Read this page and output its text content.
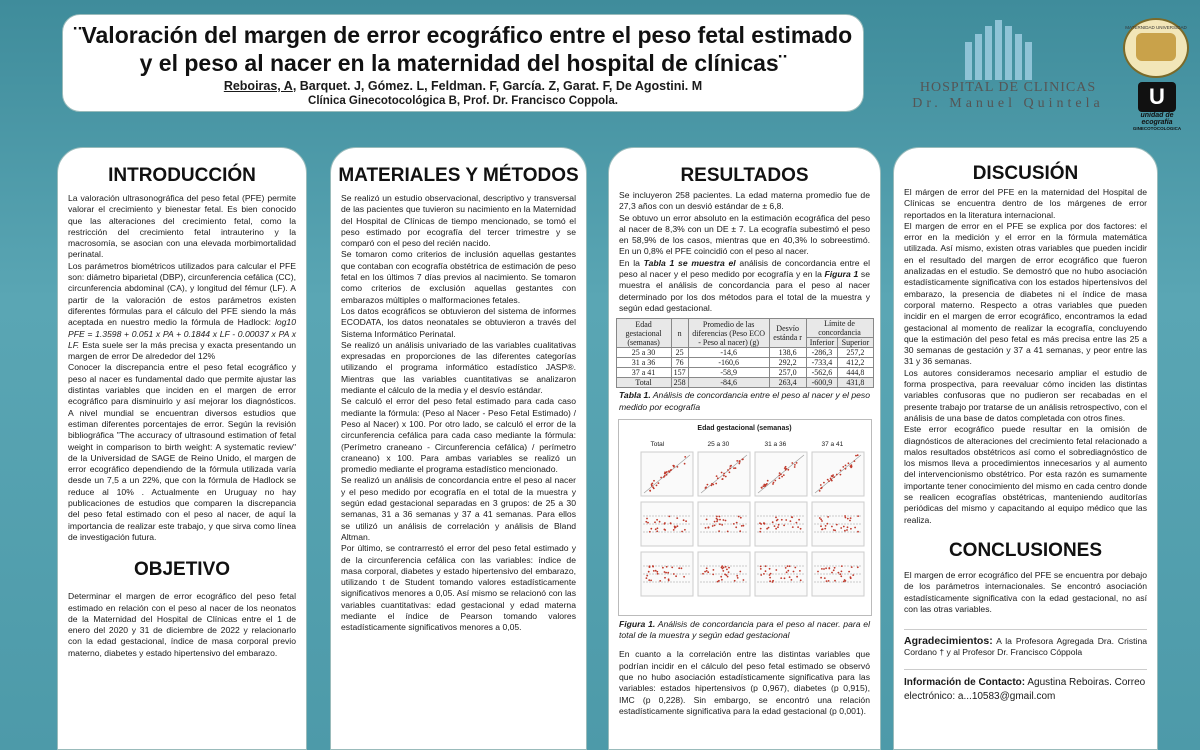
¨Valoración del margen de error ecográfico entre el peso fetal estimado y el peso al nacer en la maternidad del hospital de clínicas¨
Reboiras, A, Barquet. J, Gómez. L, Feldman. F, García. Z, Garat. F, De Agostini. M
Clínica Ginecotocológica B, Prof. Dr. Francisco Coppola.
HOSPITAL DE CLINICAS
Dr. Manuel Quintela
MATERNIDAD UNIVERSIDAD
U
unidad de ecografía
GINECOTOCOLOGICA
INTRODUCCIÓN

La valoración ultrasonográfica del peso fetal (PFE) permite valorar el crecimiento y bienestar fetal. Es bien conocido que las alteraciones del crecimiento fetal, como la restricción del crecimiento fetal intrauterino y la macrosomía, se asocian con una elevada morbimortalidad perinatal.

Los parámetros biométricos utilizados para calcular el PFE son: diámetro biparietal (DBP), circunferencia cefálica (CC), circunferencia abdominal (CA), y longitud del fémur (LF). A partir de la valoración de estos parámetros existen diferentes fórmulas para el cálculo del PFE siendo la más aceptada en nuestro medio la fórmula de Hadlock: log10 PFE = 1.3598 + 0.051 x PA + 0.1844 x LF - 0.00037 x PA x LF. Esta suele ser la más precisa y exacta presentando un margen de error De alrededor del 12%

Conocer la discrepancia entre el peso fetal ecográfico y peso al nacer es fundamental dado que permite ajustar las distintas variables que inciden en el margen de error ecográfico para disminuirlo y así mejorar los diagnósticos. A nivel mundial se encuentran diversos estudios que estiman diferentes porcentajes de error. Según la revisión bibliográfica "The accuracy of ultrasound estimation of fetal weight in comparison to birth weight: A systematic review" de la Universidad de SAGE de Reino Unido, el margen de error ecográfico dependiendo de la fórmula utilizada varía desde un 7,5 a un 22%, que con la fórmula de Hadlock se reduce al 10% . Actualmente en Uruguay no hay publicaciones de estudios que comparen la discrepancia del peso fetal estimado con el peso al nacer, de aquí la importancia de realizar este trabajo, y que sirva como línea de investigación futura.

OBJETIVO

Determinar el margen de error ecográfico del peso fetal estimado en relación con el peso al nacer de los neonatos de la Maternidad del Hospital de Clínicas entre el 1 de enero del 2020 y 31 de diciembre de 2022 y relacionarlo con la edad gestacional, índice de masa corporal previo materno, diabetes y estado hipertensivo del embarazo.

MATERIALES Y MÉTODOS

Se realizó un estudio observacional, descriptivo y transversal de las pacientes que tuvieron su nacimiento en la Maternidad del Hospital de Clínicas de tiempo mencionado, se tomó el peso estimado por ecografía del tercer trimestre y se comparó con el peso del recién nacido.

Se tomaron como criterios de inclusión aquellas gestantes que contaban con ecografía obstétrica de estimación de peso fetal en los últimos 7 días previos al nacimiento. Se tomaron como criterios de exclusión aquellas gestantes con embarazos múltiples o malformaciones fetales.

Los datos ecográficos se obtuvieron del sistema de informes ECODATA, los datos neonatales se obtuvieron a través del Sistema Informático Perinatal.

Se realizó un análisis univariado de las variables cualitativas expresadas en proporciones de las diferentes categorías utilizando el programa informático estadístico JASP®. Mientras que las variables cuantitativas se analizaron mediante el cálculo de la media y el desvío estándar.

Se calculó el error del peso fetal estimado para cada caso mediante la fórmula: (Peso al Nacer - Peso Fetal Estimado) / Peso al Nacer) x 100. Por otro lado, se calculó el error de la circunferencia cefálica para cada caso mediante la fórmula: (Perímetro craneano - Circunferencia cefálica) / perímetro craneano) x 100. Para ambas variables se realizó un promedio mediante el programa estadístico mencionado.

Se realizó un análisis de concordancia entre el peso al nacer y el peso medido por ecografía en el total de la muestra y según edad gestacional separadas en 3 grupos: de 25 a 30 semanas, 31 a 36 semanas y 37 a 41 semanas. Para ellos se utilizó un análisis de correlación y análisis de Bland Altman.

Por último, se contrarrestó el error del peso fetal estimado y de la circunferencia cefálica con las variables: índice de masa corporal, diabetes y estado hipertensivo del embarazo, utilizando t de Student tomando valores estadísticamente significativos menores a 0,05. Así mismo se relacionó con las variables cuantitativas: edad gestacional y edad materna mediante el índice de Pearson tomando valores estadísticamente significativos menores a 0,05.

RESULTADOS

Se incluyeron 258 pacientes. La edad materna promedio fue de 27,3 años con un desvió estándar de ± 6,8.

Se obtuvo un error absoluto en la estimación ecográfica del peso al nacer de 8,3% con un DE ± 7. La ecografía subestimó el peso en 58,9% de los casos, mientras que en 40,3% lo sobreestimó. En un 0,8% el PFE coincidió con el peso al nacer.

En la Tabla 1 se muestra el análisis de concordancia entre el peso al nacer y el peso medido por ecografía y en la Figura 1 se muestra el análisis de concordancia para el peso al nacer determinado por los dos métodos para el total de la muestra y según edad gestacional.

Edad gestacional (semanas)	n	Promedio de las diferencias (Peso ECO - Peso al nacer) (g)	Desvío estánda r	Límite de concordancia	
				Inferior	Superior
25 a 30	25	-14,6	138,6	-286,3	257,2
31 a 36	76	-160,6	292,2	-733,4	412,2
37 a 41	157	-58,9	257,0	-562,6	444,8
Total	258	-84,6	263,4	-600,9	431,8

Tabla 1. Análisis de concordancia entre el peso al nacer y el peso medido por ecografía

Edad gestacional (semanas)
Total	25 a 30	31 a 36	37 a 41

Figura 1. Análisis de concordancia para el peso al nacer. para el total de la muestra y según edad gestacional

En cuanto a la correlación entre las distintas variables que podrían incidir en el cálculo del peso fetal estimado se observó que no hubo asociación estadísticamente significativa para las variables: estados hipertensivos (p 0,967), diabetes (p 0,915), IMC (p 0,228). Sin embargo, se encontró una relación estadísticamente significativa para la edad gestacional (p 0,001).

DISCUSIÓN

El márgen de error del PFE en la maternidad del Hospital de Clínicas se encuentra dentro de los márgenes de error reportados en la literatura internacional.

El margen de error en el PFE se explica por dos factores: el error en la medición y el error en la fórmula matemática utilizada. Así mismo, existen otras variables que pueden incidir en el resultado del margen de error ecográfico que fueron analizadas en el estudio. Se demostró que no hubo asociación estadísticamente significativa con los estados hipertensivos del embarazo, la presencia de diabetes ni el índice de masa corporal materno. Respecto a otras variables que pueden incidir en el margen de error ecográfico, encontramos la edad gestacional al momento de realizar la ecografía, concluyendo que la estimación del peso fetal es más precisa entre las 25 a 30 semanas de gestación y 37 a 41 semanas, y peor entre las 31 y 36 semanas.

Los autores consideramos necesario ampliar el estudio de forma prospectiva, para reevaluar cómo inciden las distintas variables confusoras que no pudieron ser recabadas en el presente trabajo por tratarse de un análisis retrospectivo, con el análisis de una base de datos completada con otros fines.

Este error ecográfico puede resultar en la omisión de diagnósticos de alteraciones del crecimiento fetal relacionado a malos resultados obstétricos así como el sobrediagnóstico de los mismos lleva a procedimientos innecesarios y al aumento del intervencionismo obstétrico. Por esta razón es sumamente importante tener conocimiento del mismo en cada centro donde se realicen ecografías obstétricas, manteniendo auditorías periódicas del mismo y capacitando al equipo médico que las realiza.

CONCLUSIONES

El margen de error ecográfico del PFE se encuentra por debajo de los parámetros internacionales. Se encontró asociación estadísticamente significativa con la edad gestacional, no así con las otras variables.

Agradecimientos: A la Profesora Agregada Dra. Cristina Cordano † y al Profesor Dr. Francisco Cóppola

Información de Contacto: Agustina Reboiras. Correo electrónico: a...10583@gmail.com
